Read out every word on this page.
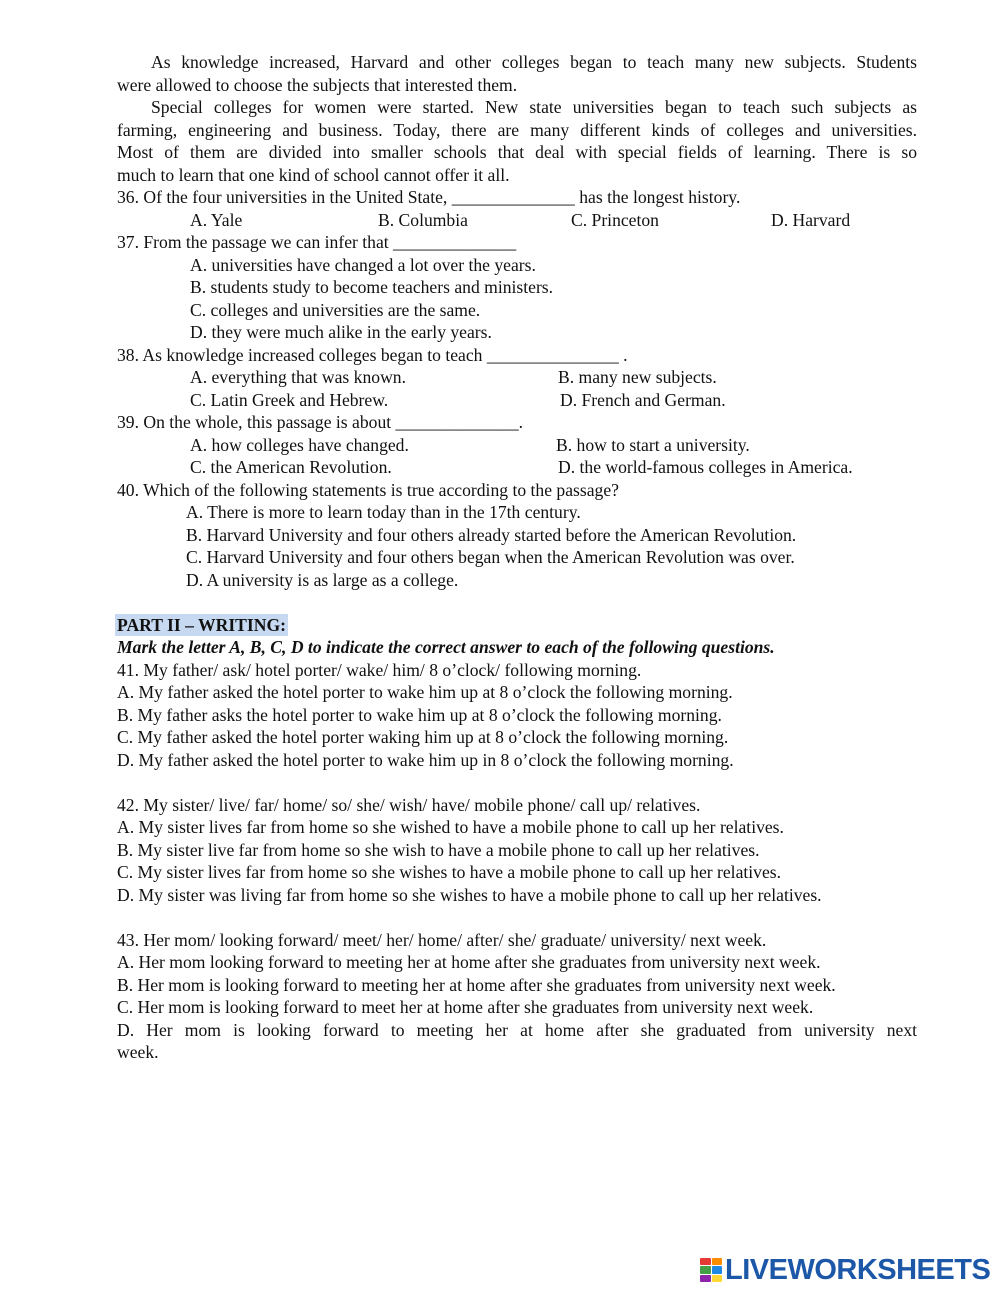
As knowledge increased, Harvard and other colleges began to teach many new subjects. Students
were allowed to choose the subjects that interested them.
Special colleges for women were started. New state universities began to teach such subjects as
farming, engineering and business. Today, there are many different kinds of colleges and universities.
Most of them are divided into smaller schools that deal with special fields of learning. There is so
much to learn that one kind of school cannot offer it all.
36. Of the four universities in the United State, ______________ has the longest history.
A. Yale	B. Columbia	C. Princeton	D. Harvard
37. From the passage we can infer that ______________
A. universities have changed a lot over the years.
B. students study to become teachers and ministers.
C. colleges and universities are the same.
D. they were much alike in the early years.
38. As knowledge increased colleges began to teach _______________ .
A. everything that was known.	B. many new subjects.
C. Latin Greek and Hebrew.	D. French and German.
39. On the whole, this passage is about ______________.
A. how colleges have changed.	B. how to start a university.
C. the American Revolution.	D. the world-famous colleges in America.
40. Which of the following statements is true according to the passage?
A. There is more to learn today than in the 17th century.
B. Harvard University and four others already started before the American Revolution.
C. Harvard University and four others began when the American Revolution was over.
D. A university is as large as a college.
PART II – WRITING:
Mark the letter A, B, C, D to indicate the correct answer to each of the following questions.
41. My father/ ask/ hotel porter/ wake/ him/ 8 o’clock/ following morning.
A. My father asked the hotel porter to wake him up at 8 o’clock the following morning.
B. My father asks the hotel porter to wake him up at 8 o’clock the following morning.
C. My father asked the hotel porter waking him up at 8 o’clock the following morning.
D. My father asked the hotel porter to wake him up in 8 o’clock the following morning.
42. My sister/ live/ far/ home/ so/ she/ wish/ have/ mobile phone/ call up/ relatives.
A. My sister lives far from home so she wished to have a mobile phone to call up her relatives.
B. My sister live far from home so she wish to have a mobile phone to call up her relatives.
C. My sister lives far from home so she wishes to have a mobile phone to call up her relatives.
D. My sister was living far from home so she wishes to have a mobile phone to call up her relatives.
43. Her mom/ looking forward/ meet/ her/ home/ after/ she/ graduate/ university/ next week.
A. Her mom looking forward to meeting her at home after she graduates from university next week.
B. Her mom is looking forward to meeting her at home after she graduates from university next week.
C. Her mom is looking forward to meet her at home after she graduates from university next week.
D. Her mom is looking forward to meeting her at home after she graduated from university next
week.
LIVEWORKSHEETS
